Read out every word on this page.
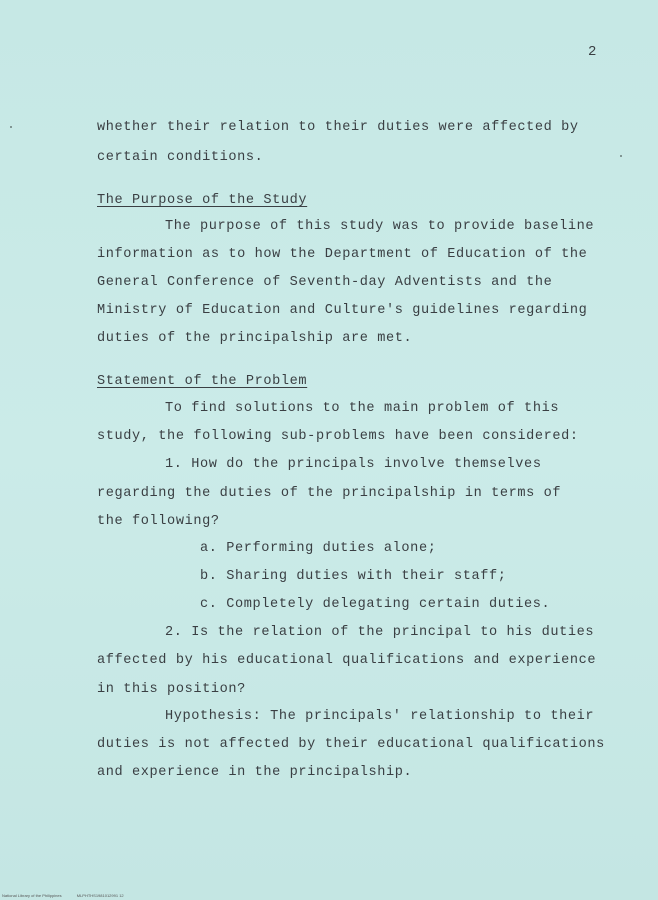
2
whether their relation to their duties were affected by
certain conditions.
The Purpose of the Study
The purpose of this study was to provide baseline
information as to how the Department of Education of the
General Conference of Seventh-day Adventists and the
Ministry of Education and Culture's guidelines regarding
duties of the principalship are met.
Statement of the Problem
To find solutions to the main problem of this
study, the following sub-problems have been considered:
1. How do the principals involve themselves
regarding the duties of the principalship in terms of
the following?
a. Performing duties alone;
b. Sharing duties with their staff;
c. Completely delegating certain duties.
2. Is the relation of the principal to his duties
affected by his educational qualifications and experience
in this position?
Hypothesis: The principals' relationship to their
duties is not affected by their educational qualifications
and experience in the principalship.
National Library of the Philippines	MLPHTHS1981012991 12
